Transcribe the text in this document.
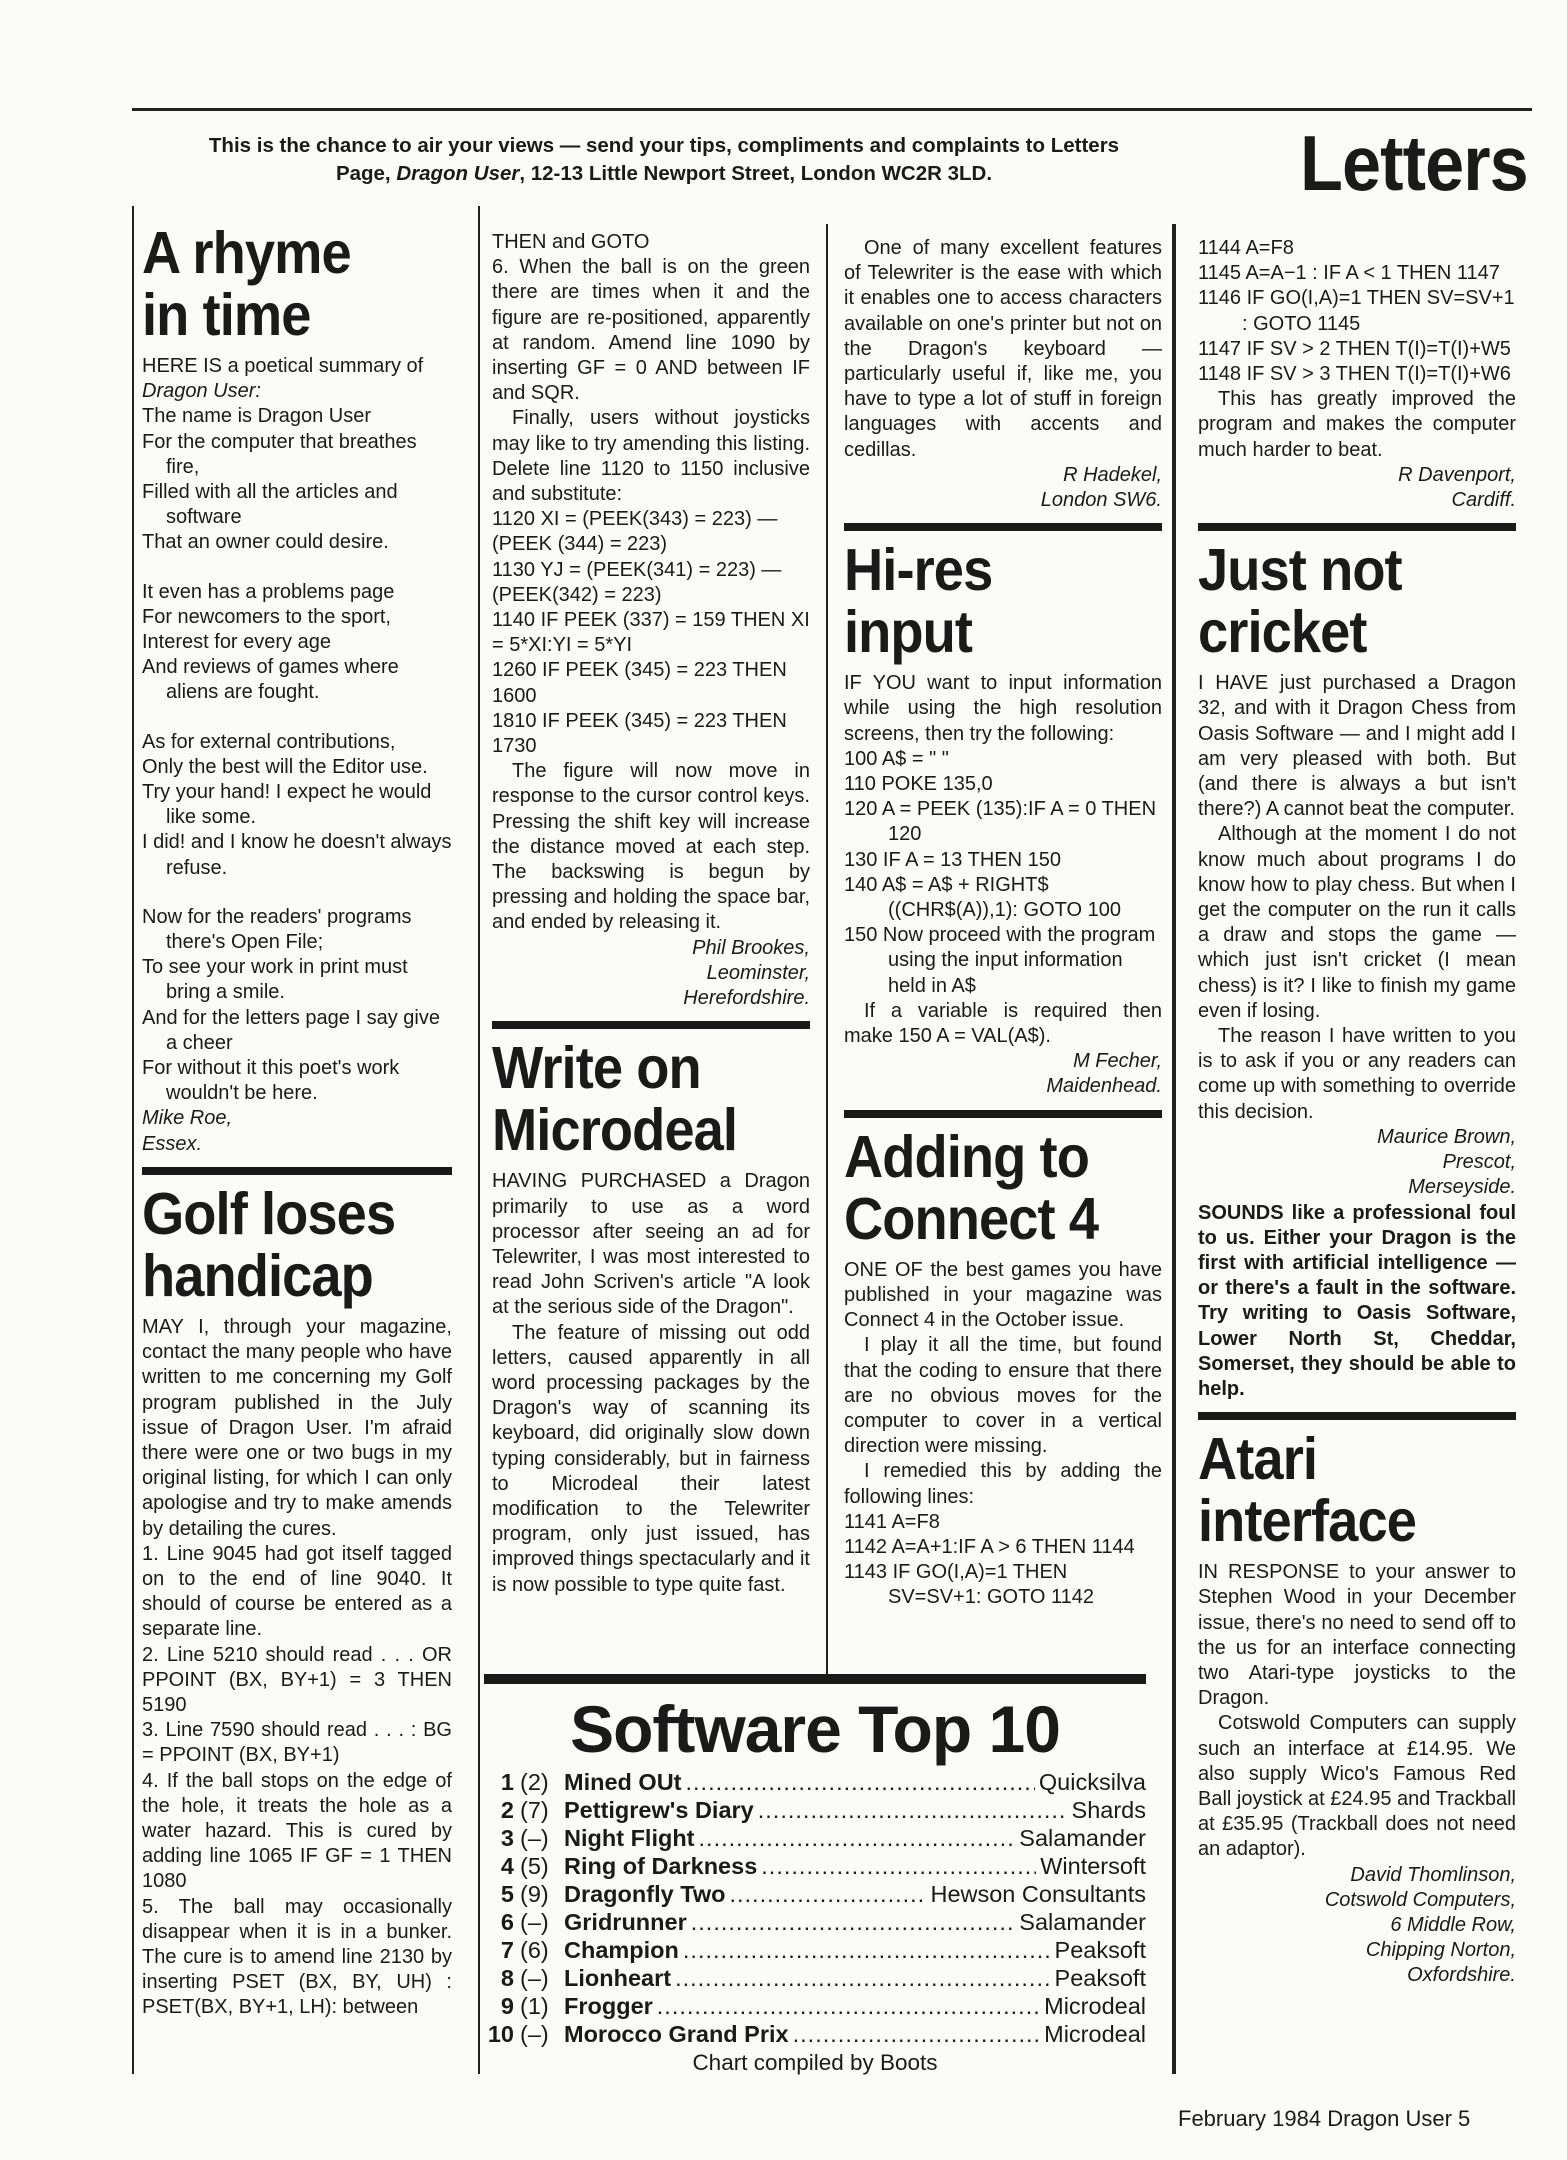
This is the chance to air your views — send your tips, compliments and complaints to Letters
Page, Dragon User, 12-13 Little Newport Street, London WC2R 3LD.	Letters
A rhyme
in time

HERE IS a poetical summary of

Dragon User:

The name is Dragon User

For the computer that breathes fire,

Filled with all the articles and software

That an owner could desire.

It even has a problems page

For newcomers to the sport,

Interest for every age

And reviews of games where aliens are fought.

As for external contributions,

Only the best will the Editor use.

Try your hand! I expect he would like some.

I did! and I know he doesn't always refuse.

Now for the readers' programs there's Open File;

To see your work in print must bring a smile.

And for the letters page I say give a cheer

For without it this poet's work wouldn't be here.

Mike Roe,

Essex.

Golf loses
handicap

MAY I, through your magazine, contact the many people who have written to me concerning my Golf program published in the July issue of Dragon User. I'm afraid there were one or two bugs in my original listing, for which I can only apologise and try to make amends by detailing the cures.

1. Line 9045 had got itself tagged on to the end of line 9040. It should of course be entered as a separate line.

2. Line 5210 should read . . . OR PPOINT (BX, BY+1) = 3 THEN 5190

3. Line 7590 should read . . . : BG = PPOINT (BX, BY+1)

4. If the ball stops on the edge of the hole, it treats the hole as a water hazard. This is cured by adding line 1065 IF GF = 1 THEN 1080

5. The ball may occasionally disappear when it is in a bunker. The cure is to amend line 2130 by inserting PSET (BX, BY, UH) : PSET(BX, BY+1, LH): between

THEN and GOTO

6. When the ball is on the green there are times when it and the figure are re-positioned, apparently at random. Amend line 1090 by inserting GF = 0 AND between IF and SQR.

Finally, users without joysticks may like to try amending this listing. Delete line 1120 to 1150 inclusive and substitute:

1120 XI = (PEEK(343) = 223) — (PEEK (344) = 223)

1130 YJ = (PEEK(341) = 223) — (PEEK(342) = 223)

1140 IF PEEK (337) = 159 THEN XI = 5*XI:YI = 5*YI

1260 IF PEEK (345) = 223 THEN 1600

1810 IF PEEK (345) = 223 THEN 1730

The figure will now move in response to the cursor control keys. Pressing the shift key will increase the distance moved at each step. The backswing is begun by pressing and holding the space bar, and ended by releasing it.

Phil Brookes,

Leominster,

Herefordshire.

Write on
Microdeal

HAVING PURCHASED a Dragon primarily to use as a word processor after seeing an ad for Telewriter, I was most interested to read John Scriven's article "A look at the serious side of the Dragon".

The feature of missing out odd letters, caused apparently in all word processing packages by the Dragon's way of scanning its keyboard, did originally slow down typing considerably, but in fairness to Microdeal their latest modification to the Telewriter program, only just issued, has improved things spectacularly and it is now possible to type quite fast.

One of many excellent features of Telewriter is the ease with which it enables one to access characters available on one's printer but not on the Dragon's keyboard — particularly useful if, like me, you have to type a lot of stuff in foreign languages with accents and cedillas.

R Hadekel,

London SW6.

Hi-res
input

IF YOU want to input information while using the high resolution screens, then try the following:

100 A$ = " "

110 POKE 135,0

120 A = PEEK (135):IF A = 0 THEN 120

130 IF A = 13 THEN 150

140 A$ = A$ + RIGHT$ ((CHR$(A)),1): GOTO 100

150 Now proceed with the program using the input information held in A$

If a variable is required then make 150 A = VAL(A$).

M Fecher,

Maidenhead.

Adding to
Connect 4

ONE OF the best games you have published in your magazine was Connect 4 in the October issue.

I play it all the time, but found that the coding to ensure that there are no obvious moves for the computer to cover in a vertical direction were missing.

I remedied this by adding the following lines:

1141 A=F8

1142 A=A+1:IF A > 6 THEN 1144

1143 IF GO(I,A)=1 THEN SV=SV+1: GOTO 1142

1144 A=F8

1145 A=A−1 : IF A < 1 THEN 1147

1146 IF GO(I,A)=1 THEN SV=SV+1 : GOTO 1145

1147 IF SV > 2 THEN T(I)=T(I)+W5

1148 IF SV > 3 THEN T(I)=T(I)+W6

This has greatly improved the program and makes the computer much harder to beat.

R Davenport,

Cardiff.

Just not
cricket

I HAVE just purchased a Dragon 32, and with it Dragon Chess from Oasis Software — and I might add I am very pleased with both. But (and there is always a but isn't there?) A cannot beat the computer.

Although at the moment I do not know much about programs I do know how to play chess. But when I get the computer on the run it calls a draw and stops the game — which just isn't cricket (I mean chess) is it? I like to finish my game even if losing.

The reason I have written to you is to ask if you or any readers can come up with something to override this decision.

Maurice Brown,

Prescot,

Merseyside.

SOUNDS like a professional foul to us. Either your Dragon is the first with artificial intelligence — or there's a fault in the software. Try writing to Oasis Software, Lower North St, Cheddar, Somerset, they should be able to help.

Atari
interface

IN RESPONSE to your answer to Stephen Wood in your December issue, there's no need to send off to the us for an interface connecting two Atari-type joysticks to the Dragon.

Cotswold Computers can supply such an interface at £14.95. We also supply Wico's Famous Red Ball joystick at £24.95 and Trackball at £35.95 (Trackball does not need an adaptor).

David Thomlinson,

Cotswold Computers,

6 Middle Row,

Chipping Norton,

Oxfordshire.

Software Top 10
1 (2) Mined OUt .....	Quicksilva
2 (7) Pettigrew's Diary .....	Shards
3 (–) Night Flight .....	Salamander
4 (5) Ring of Darkness .....	Wintersoft
5 (9) Dragonfly Two .....	Hewson Consultants
6 (–) Gridrunner .....	Salamander
7 (6) Champion .....	Peaksoft
8 (–) Lionheart .....	Peaksoft
9 (1) Frogger .....	Microdeal
10 (–) Morocco Grand Prix .....	Microdeal
Chart compiled by Boots
February 1984 Dragon User 5
